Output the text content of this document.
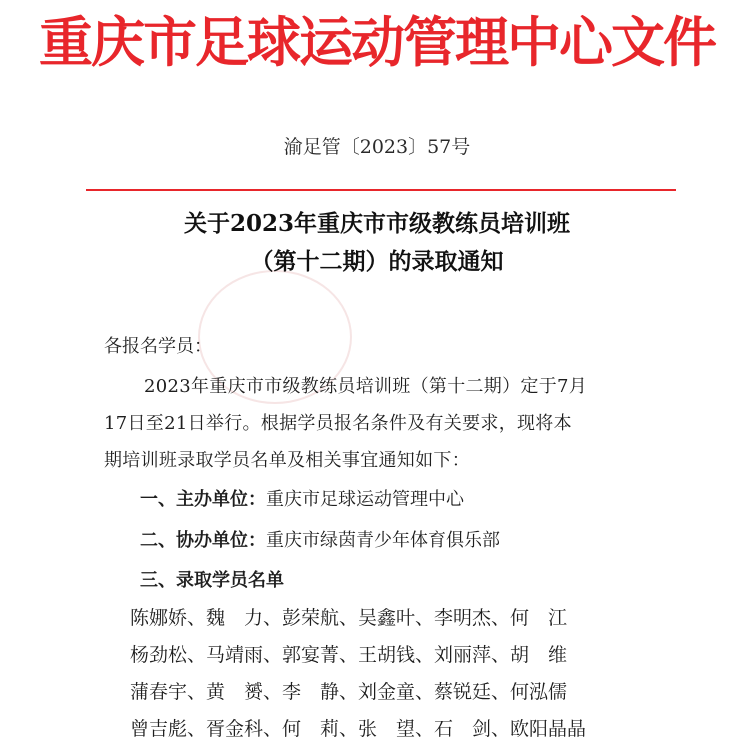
重庆市足球运动管理中心文件
渝足管〔2023〕57号
关于2023年重庆市市级教练员培训班
（第十二期）的录取通知
各报名学员：
2023年重庆市市级教练员培训班（第十二期）定于7月
17日至21日举行。根据学员报名条件及有关要求，现将本
期培训班录取学员名单及相关事宜通知如下：
一、主办单位：重庆市足球运动管理中心
二、协办单位：重庆市绿茵青少年体育俱乐部
三、录取学员名单
陈娜娇、魏　力、彭荣航、吴鑫叶、李明杰、何　江
杨劲松、马靖雨、郭宴菁、王胡钱、刘丽萍、胡　维
蒲春宇、黄　赟、李　静、刘金童、蔡锐廷、何泓儒
曾吉彪、胥金科、何　莉、张　望、石　剑、欧阳晶晶
